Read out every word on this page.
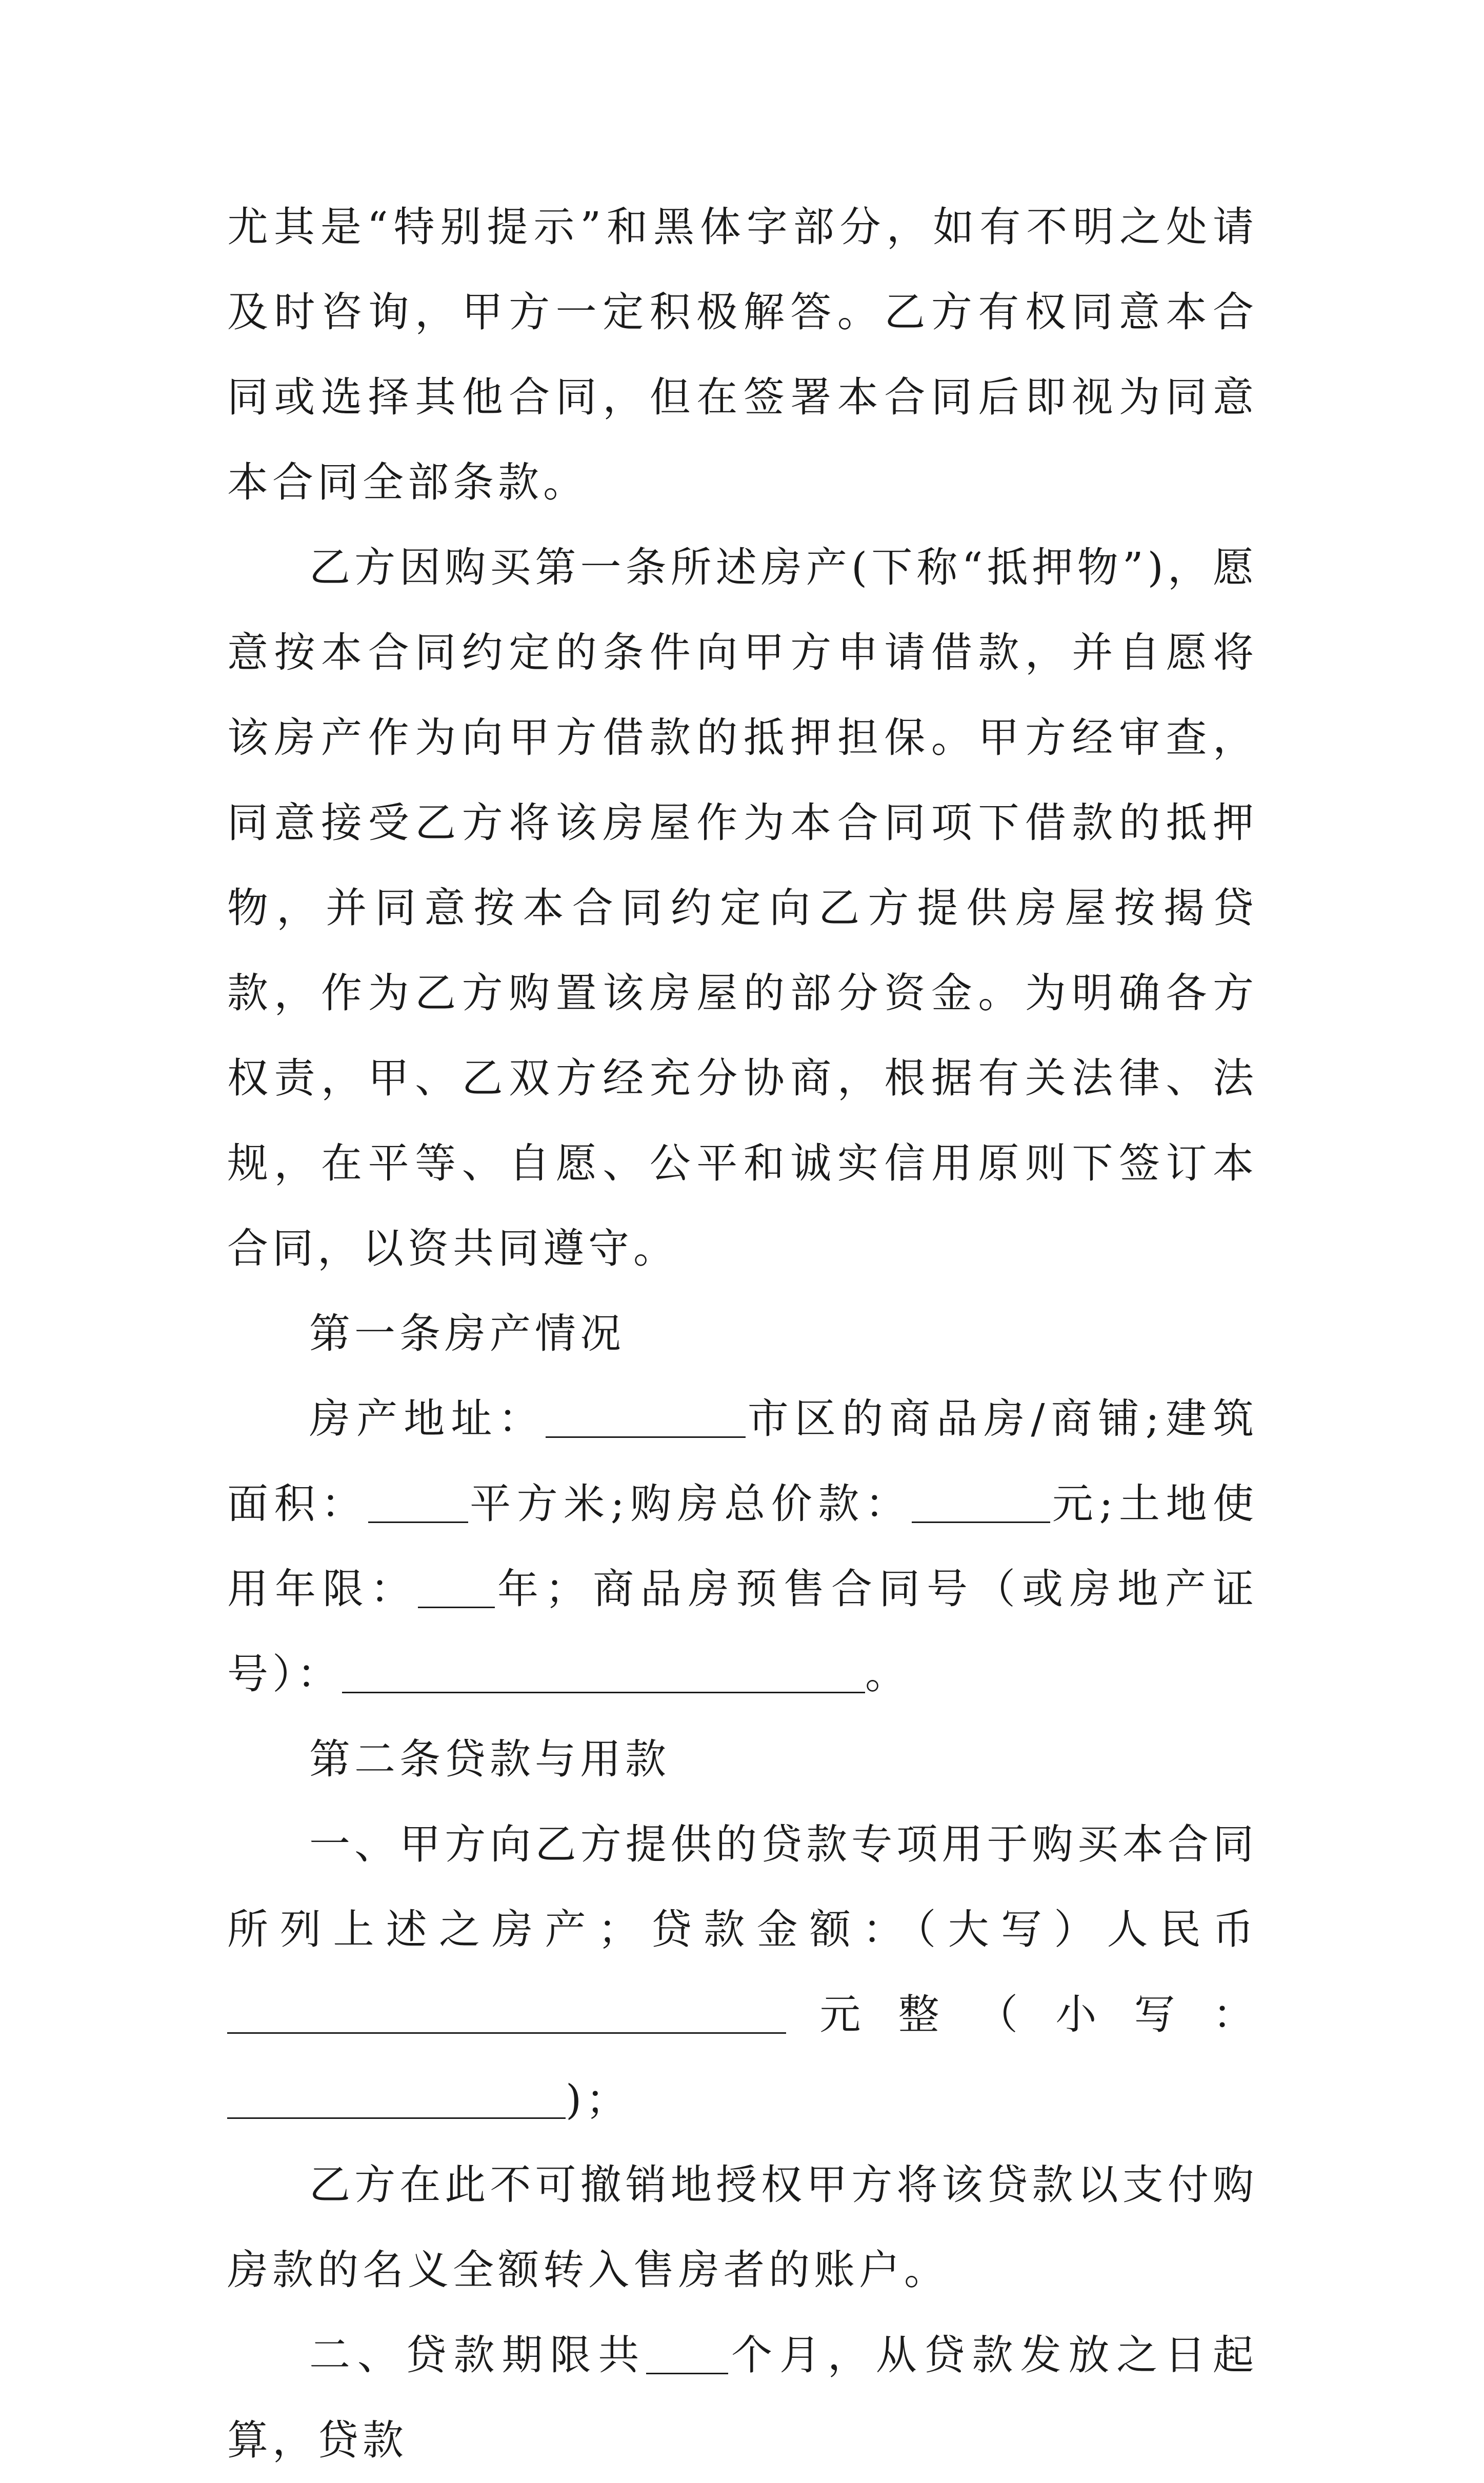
尤其是“特别提示”和黑体字部分，如有不明之处请及时咨询，甲方一定积极解答。乙方有权同意本合同或选择其他合同，但在签署本合同后即视为同意本合同全部条款。

乙方因购买第一条所述房产(下称“抵押物”)，愿意按本合同约定的条件向甲方申请借款，并自愿将该房产作为向甲方借款的抵押担保。甲方经审查，同意接受乙方将该房屋作为本合同项下借款的抵押物，并同意按本合同约定向乙方提供房屋按揭贷款，作为乙方购置该房屋的部分资金。为明确各方权责，甲、乙双方经充分协商，根据有关法律、法规，在平等、自愿、公平和诚实信用原则下签订本合同，以资共同遵守。

第一条房产情况

房产地址：	市区的商品房/商铺;建筑面积： 平方米;购房总价款：	元;土地使用年限： 年；商品房预售合同号（或房地产证号）：	。

第二条贷款与用款

一、甲方向乙方提供的贷款专项用于购买本合同所列上述之房产；贷款金额：（大写）人民币元整（小写：)；

乙方在此不可撤销地授权甲方将该贷款以支付购房款的名义全额转入售房者的账户。

二、贷款期限共 个月，从贷款发放之日起算，贷款
